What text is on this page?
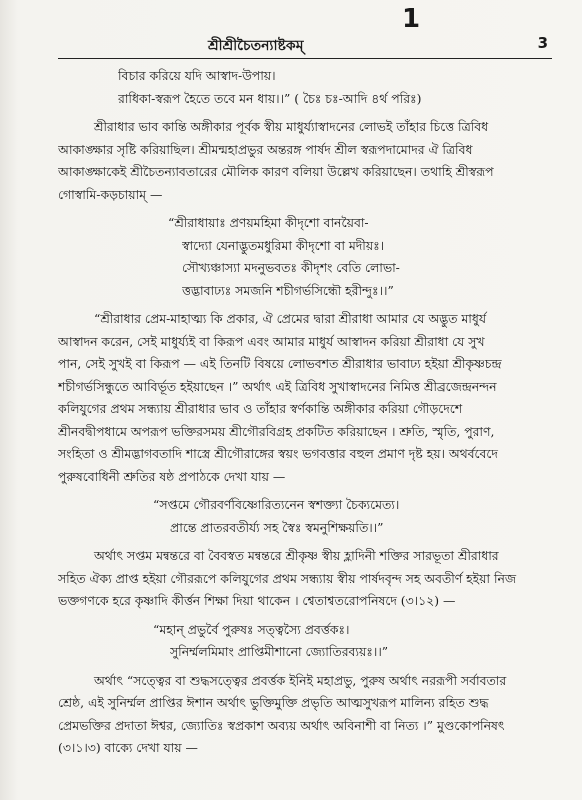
1
শ্রীশ্রীচৈতন্যাষ্টকম্‌	3
বিচার করিয়ে যদি আস্বাদ-উপায়।
রাধিকা-স্বরূপ হৈতে তবে মন ধায়।।” ( চৈঃ চঃ-আদি ৪র্থ পরিঃ)
শ্রীরাধার ভাব কান্তি অঙ্গীকার পূর্বক স্বীয় মাধুর্য্যাস্বাদনের লোভই তাঁহার চিত্তে ত্রিবিধ
আকাঙ্ক্ষার সৃষ্টি করিয়াছিল। শ্রীমন্মহাপ্রভুর অন্তরঙ্গ পার্ষদ শ্রীল স্বরূপদামোদর ঐ ত্রিবিধ
আকাঙ্ক্ষাকেই শ্রীচৈতন্যাবতারের মৌলিক কারণ বলিয়া উল্লেখ করিয়াছেন। তথাহি শ্রীস্বরূপ
গোস্বামি-কড়চায়াম্‌ —
“শ্রীরাধায়াঃ প্রণয়মহিমা কীদৃশো বানয়ৈবা-
স্বাদ্যো যেনাদ্ভুতমধুরিমা কীদৃশো বা মদীয়ঃ।
সৌখ্যঞ্চাস্যা মদনুভবতঃ কীদৃশং বেতি লোভা-
ত্তদ্ভাবাঢ্যঃ সমজনি শচীগর্ভসিন্ধৌ হরীন্দুঃ।।”
“শ্রীরাধার প্রেম-মাহাত্ম্য কি প্রকার, ঐ প্রেমের দ্বারা শ্রীরাধা আমার যে অদ্ভুত মাধুর্য
আস্বাদন করেন, সেই মাধুর্য্যই বা কিরূপ এবং আমার মাধুর্য আস্বাদন করিয়া শ্রীরাধা যে সুখ
পান, সেই সুখই বা কিরূপ — এই তিনটি বিষয়ে লোভবশত শ্রীরাধার ভাবাঢ্য হইয়া শ্রীকৃষ্ণচন্দ্র
শচীগর্ভসিন্ধুতে আবির্ভূত হইয়াছেন ।” অর্থাৎ এই ত্রিবিধ সুখাস্বাদনের নিমিত্ত শ্রীব্রজেন্দ্রনন্দন
কলিযুগের প্রথম সন্ধ্যায় শ্রীরাধার ভাব ও তাঁহার স্বর্ণকান্তি অঙ্গীকার করিয়া গৌড়দেশে
শ্রীনবদ্বীপধামে অপরূপ ভক্তিরসময় শ্রীগৌরবিগ্রহ প্রকটিত করিয়াছেন । শ্রুতি, স্মৃতি, পুরাণ,
সংহিতা ও শ্রীমদ্ভাগবতাদি শাস্ত্রে শ্রীগৌরাঙ্গের স্বয়ং ভগবত্তার বহুল প্রমাণ দৃষ্ট হয়। অথর্ববেদে
পুরুষবোধিনী শ্রুতির ষষ্ঠ প্রপাঠকে দেখা যায় —
“সপ্তমে গৌরবর্ণবিষ্ণোরিত্যনেন স্বশক্ত্যা চৈক্যমেত্য।
প্রান্তে প্রাতরবতীর্য্য সহ স্বৈঃ স্বমনুশিক্ষয়তি।।”
অর্থাৎ সপ্তম মন্বন্তরে বা বৈবস্বত মন্বন্তরে শ্রীকৃষ্ণ স্বীয় হ্লাদিনী শক্তির সারভূতা শ্রীরাধার
সহিত ঐক্য প্রাপ্ত হইয়া গৌররূপে কলিযুগের প্রথম সন্ধ্যায় স্বীয় পার্ষদবৃন্দ সহ অবতীর্ণ হইয়া নিজ
ভক্তগণকে হরে কৃষ্ণাদি কীর্ত্তন শিক্ষা দিয়া থাকেন । শ্বেতাশ্বতরোপনিষদে (৩।১২) —
“মহান্‌ প্রভুর্বৈ পুরুষঃ সত্ত্বস্যৈ প্রবর্ত্তকঃ।
সুনির্ম্মলমিমাং প্রাপ্তিমীশানো জ্যোতিরব্যয়ঃ।।”
অর্থাৎ “সত্ত্বের বা শুদ্ধসত্ত্বের প্রবর্ত্তক ইনিই মহাপ্রভু, পুরুষ অর্থাৎ নররূপী সর্বাবতার
শ্রেষ্ঠ, এই সুনির্ম্মল প্রাপ্তির ঈশান অর্থাৎ ভুক্তিমুক্তি প্রভৃতি আত্মসুখরূপ মালিন্য রহিত শুদ্ধ
প্রেমভক্তির প্রদাতা ঈশ্বর, জ্যোতিঃ স্বপ্রকাশ অব্যয় অর্থাৎ অবিনাশী বা নিত্য ।” মুণ্ডকোপনিষৎ
(৩।১।৩) বাক্যে দেখা যায় —
